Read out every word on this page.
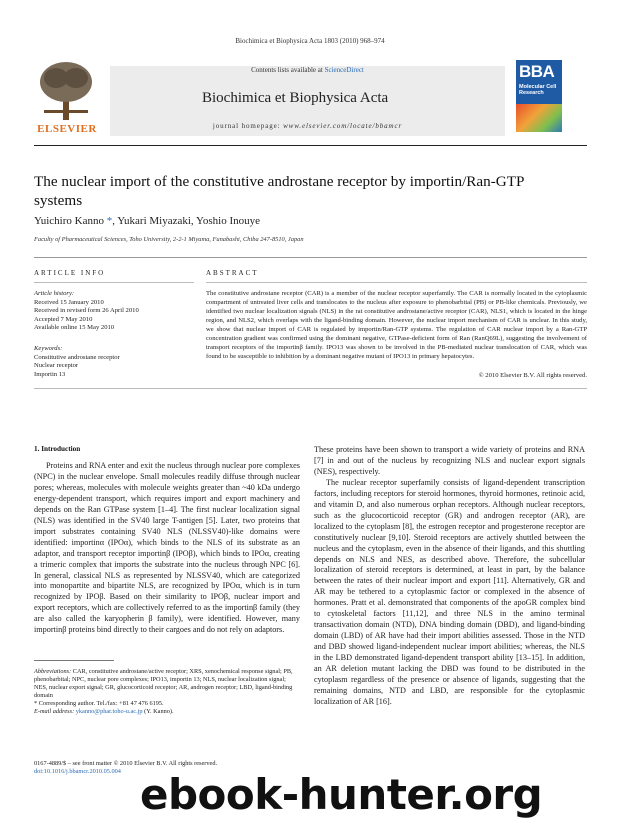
Biochimica et Biophysica Acta 1803 (2010) 968–974
Contents lists available at ScienceDirect
Biochimica et Biophysica Acta
journal homepage: www.elsevier.com/locate/bbamcr
ELSEVIER
BBA
Molecular Cell Research
The nuclear import of the constitutive androstane receptor by importin/Ran-GTP systems
Yuichiro Kanno *, Yukari Miyazaki, Yoshio Inouye
Faculty of Pharmaceutical Sciences, Toho University, 2-2-1 Miyama, Funabashi, Chiba 247-8510, Japan
ARTICLE INFO	ABSTRACT
Article history:
Received 15 January 2010
Received in revised form 26 April 2010
Accepted 7 May 2010
Available online 15 May 2010
Keywords:
Constitutive androstane receptor
Nuclear receptor
Importin 13
The constitutive androstane receptor (CAR) is a member of the nuclear receptor superfamily. The CAR is normally located in the cytoplasmic compartment of untreated liver cells and translocates to the nucleus after exposure to phenobarbital (PB) or PB-like chemicals. Previously, we identified two nuclear localization signals (NLS) in the rat constitutive androstane/active receptor (CAR), NLS1, which is located in the hinge region, and NLS2, which overlaps with the ligand-binding domain. However, the nuclear import mechanism of CAR is unclear. In this study, we show that nuclear import of CAR is regulated by importin/Ran-GTP systems. The regulation of CAR nuclear import by a Ran-GTP concentration gradient was confirmed using the dominant negative, GTPase-deficient form of Ran (RanQ69L), suggesting the involvement of transport receptors of the importinβ family. IPO13 was shown to be involved in the PB-mediated nuclear translocation of CAR, which was found to be susceptible to inhibition by a dominant negative mutant of IPO13 in primary hepatocytes.
© 2010 Elsevier B.V. All rights reserved.
1. Introduction

Proteins and RNA enter and exit the nucleus through nuclear pore complexes (NPC) in the nuclear envelope. Small molecules readily diffuse through nuclear pores; whereas, molecules with molecule weights greater than ~40 kDa undergo energy-dependent transport, which requires import and export machinery and depends on the Ran GTPase system [1–4]. The first nuclear localization signal (NLS) was identified in the SV40 large T-antigen [5]. Later, two proteins that import substrates containing SV40 NLS (NLSSV40)-like domains were identified: importinα (IPOα), which binds to the NLS of its substrate as an adaptor, and transport receptor importinβ (IPOβ), which binds to IPOα, creating a trimeric complex that imports the substrate into the nucleus through NPC [6]. In general, classical NLS as represented by NLSSV40, which are categorized into monopartite and bipartite NLS, are recognized by IPOα, which is in turn recognized by IPOβ. Based on their similarity to IPOβ, nuclear import and export receptors, which are collectively referred to as the importinβ family (they are also called the karyopherin β family), were identified. However, many importinβ proteins bind directly to their cargoes and do not rely on adaptors.

These proteins have been shown to transport a wide variety of proteins and RNA [7] in and out of the nucleus by recognizing NLS and nuclear export signals (NES), respectively.

The nuclear receptor superfamily consists of ligand-dependent transcription factors, including receptors for steroid hormones, thyroid hormones, retinoic acid, and vitamin D, and also numerous orphan receptors. Although nuclear receptors, such as the glucocorticoid receptor (GR) and androgen receptor (AR), are localized to the cytoplasm [8], the estrogen receptor and progesterone receptor are constitutively nuclear [9,10]. Steroid receptors are actively shuttled between the nucleus and the cytoplasm, even in the absence of their ligands, and this shuttling depends on NLS and NES, as described above. Therefore, the subcellular localization of steroid receptors is determined, at least in part, by the balance between the rates of their nuclear import and export [11]. Alternatively, GR and AR may be tethered to a cytoplasmic factor or complexed in the absence of hormones. Pratt et al. demonstrated that components of the apoGR complex bind to cytoskeletal factors [11,12], and three NLS in the amino terminal transactivation domain (NTD), DNA binding domain (DBD), and ligand-binding domain (LBD) of AR have had their import abilities assessed. Those in the NTD and DBD showed ligand-independent nuclear import abilities; whereas, the NLS in the LBD demonstrated ligand-dependent transport ability [13–15]. In addition, an AR deletion mutant lacking the DBD was found to be distributed in the cytoplasm regardless of the presence or absence of ligands, suggesting that the remaining domains, NTD and LBD, are responsible for the cytoplasmic localization of AR [16].

Abbreviations: CAR, constitutive androstane/active receptor; XRS, xenochemical response signal; PB, phenobarbital; NPC, nuclear pore complexes; IPO13, importin 13; NLS, nuclear localization signal; NES, nuclear export signal; GR, glucocorticoid receptor; AR, androgen receptor; LBD, ligand-binding domain
* Corresponding author. Tel./fax: +81 47 476 6195.
E-mail address: ykanno@phar.toho-u.ac.jp (Y. Kanno).
0167-4889/$ – see front matter © 2010 Elsevier B.V. All rights reserved.
doi:10.1016/j.bbamcr.2010.05.004 ebook-hunter.org
